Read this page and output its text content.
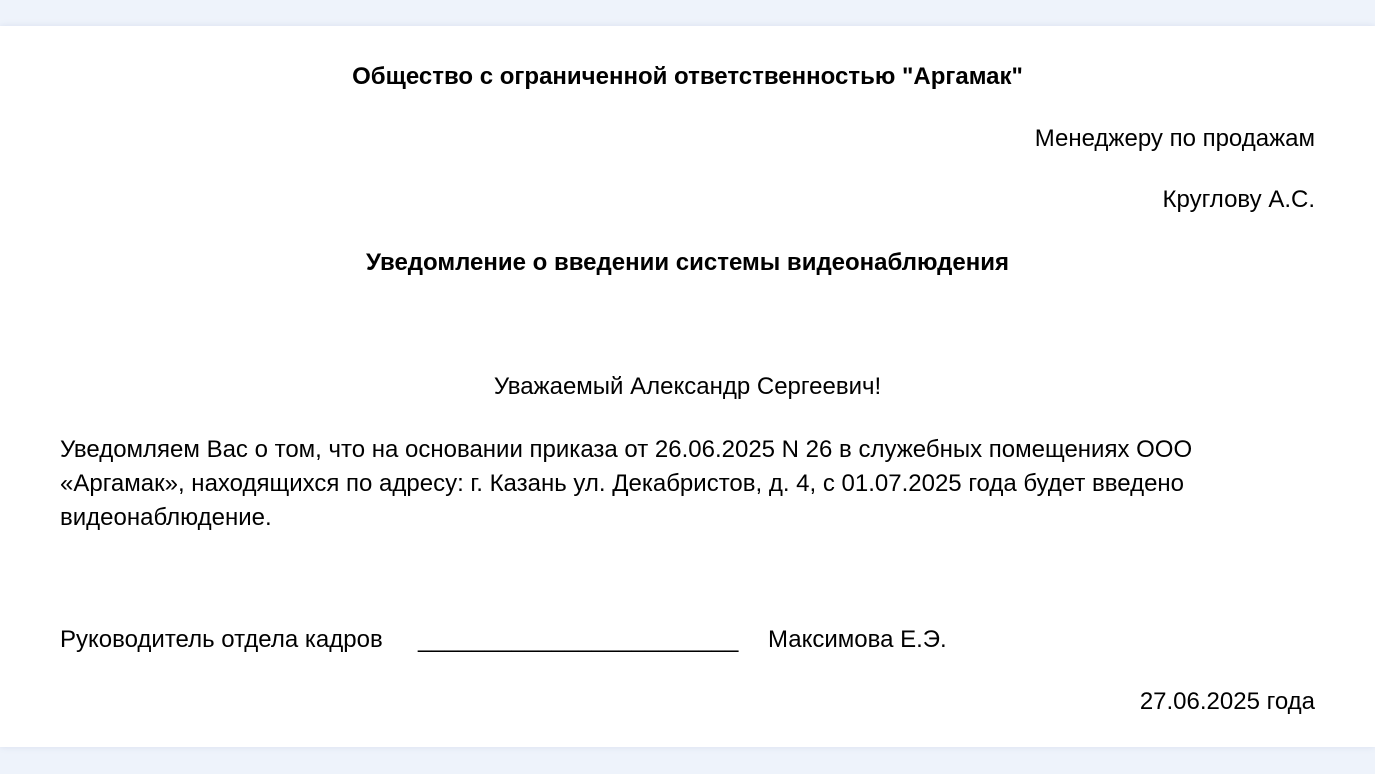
Общество с ограниченной ответственностью "Аргамак"
Менеджеру по продажам
Круглову А.С.
Уведомление о введении системы видеонаблюдения
Уважаемый Александр Сергеевич!
Уведомляем Вас о том, что на основании приказа от 26.06.2025 N 26 в служебных помещениях ООО «Аргамак», находящихся по адресу: г. Казань ул. Декабристов, д. 4, с 01.07.2025 года будет введено видеонаблюдение.
Руководитель отдела кадров ________________________ Максимова Е.Э.
27.06.2025 года
